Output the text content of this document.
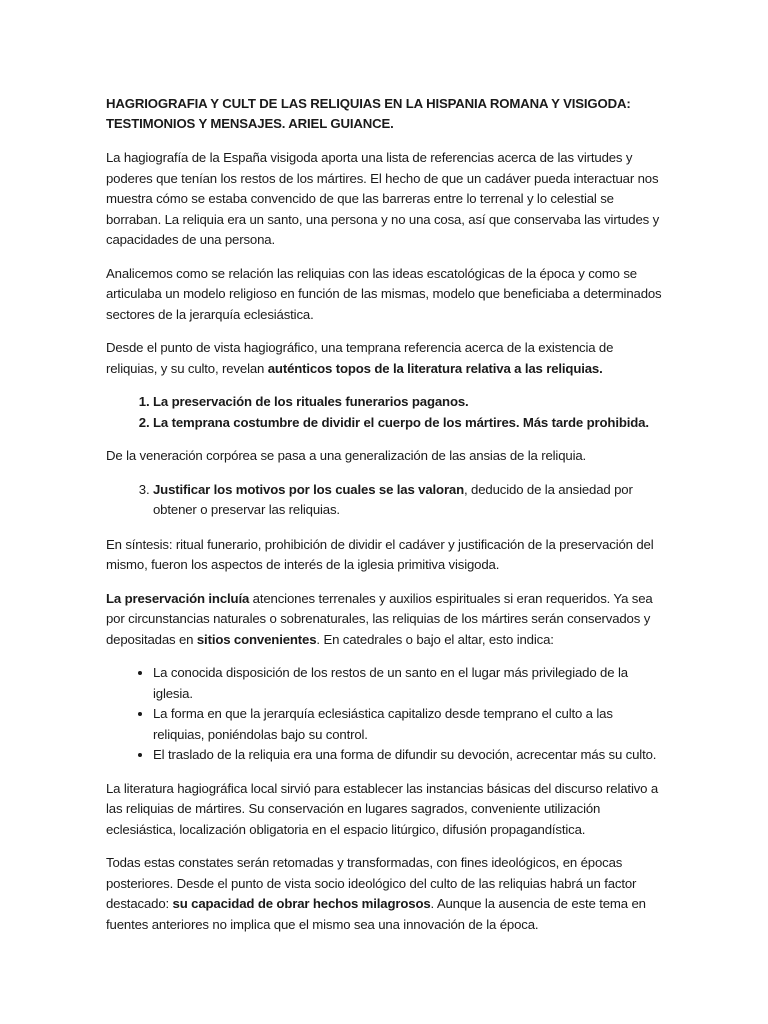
HAGRIOGRAFIA Y CULT DE LAS RELIQUIAS EN LA HISPANIA ROMANA Y VISIGODA: TESTIMONIOS Y MENSAJES. ARIEL GUIANCE.

La hagiografía de la España visigoda aporta una lista de referencias acerca de las virtudes y poderes que tenían los restos de los mártires. El hecho de que un cadáver pueda interactuar nos muestra cómo se estaba convencido de que las barreras entre lo terrenal y lo celestial se borraban. La reliquia era un santo, una persona y no una cosa, así que conservaba las virtudes y capacidades de una persona.

Analicemos como se relación las reliquias con las ideas escatológicas de la época y como se articulaba un modelo religioso en función de las mismas, modelo que beneficiaba a determinados sectores de la jerarquía eclesiástica.

Desde el punto de vista hagiográfico, una temprana referencia acerca de la existencia de reliquias, y su culto, revelan auténticos topos de la literatura relativa a las reliquias.

1. La preservación de los rituales funerarios paganos.
2. La temprana costumbre de dividir el cuerpo de los mártires. Más tarde prohibida.

De la veneración corpórea se pasa a una generalización de las ansias de la reliquia.

3. Justificar los motivos por los cuales se las valoran, deducido de la ansiedad por obtener o preservar las reliquias.

En síntesis: ritual funerario, prohibición de dividir el cadáver y justificación de la preservación del mismo, fueron los aspectos de interés de la iglesia primitiva visigoda.

La preservación incluía atenciones terrenales y auxilios espirituales si eran requeridos. Ya sea por circunstancias naturales o sobrenaturales, las reliquias de los mártires serán conservados y depositadas en sitios convenientes. En catedrales o bajo el altar, esto indica:

• La conocida disposición de los restos de un santo en el lugar más privilegiado de la iglesia.
• La forma en que la jerarquía eclesiástica capitalizo desde temprano el culto a las reliquias, poniéndolas bajo su control.
• El traslado de la reliquia era una forma de difundir su devoción, acrecentar más su culto.

La literatura hagiográfica local sirvió para establecer las instancias básicas del discurso relativo a las reliquias de mártires. Su conservación en lugares sagrados, conveniente utilización eclesiástica, localización obligatoria en el espacio litúrgico, difusión propagandística.

Todas estas constates serán retomadas y transformadas, con fines ideológicos, en épocas posteriores. Desde el punto de vista socio ideológico del culto de las reliquias habrá un factor destacado: su capacidad de obrar hechos milagrosos. Aunque la ausencia de este tema en fuentes anteriores no implica que el mismo sea una innovación de la época.
